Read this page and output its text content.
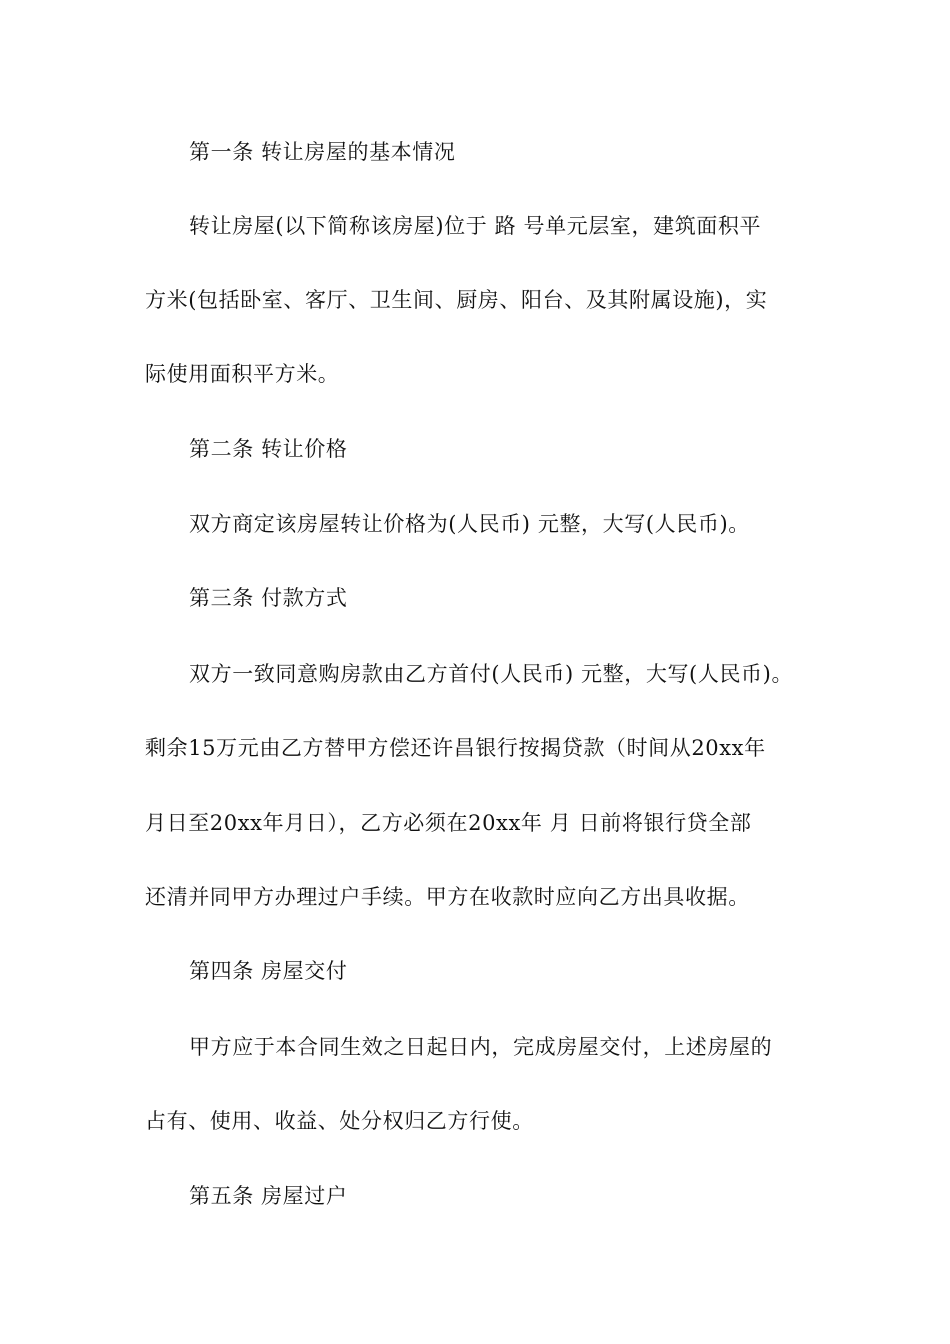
第一条 转让房屋的基本情况
转让房屋(以下简称该房屋)位于 路 号单元层室，建筑面积平
方米(包括卧室、客厅、卫生间、厨房、阳台、及其附属设施)，实
际使用面积平方米。
第二条 转让价格
双方商定该房屋转让价格为(人民币) 元整，大写(人民币)。
第三条 付款方式
双方一致同意购房款由乙方首付(人民币) 元整，大写(人民币)。
剩余15万元由乙方替甲方偿还许昌银行按揭贷款（时间从20xx年
月日至20xx年月日），乙方必须在20xx年 月 日前将银行贷全部
还清并同甲方办理过户手续。甲方在收款时应向乙方出具收据。
第四条 房屋交付
甲方应于本合同生效之日起日内，完成房屋交付，上述房屋的
占有、使用、收益、处分权归乙方行使。
第五条 房屋过户
